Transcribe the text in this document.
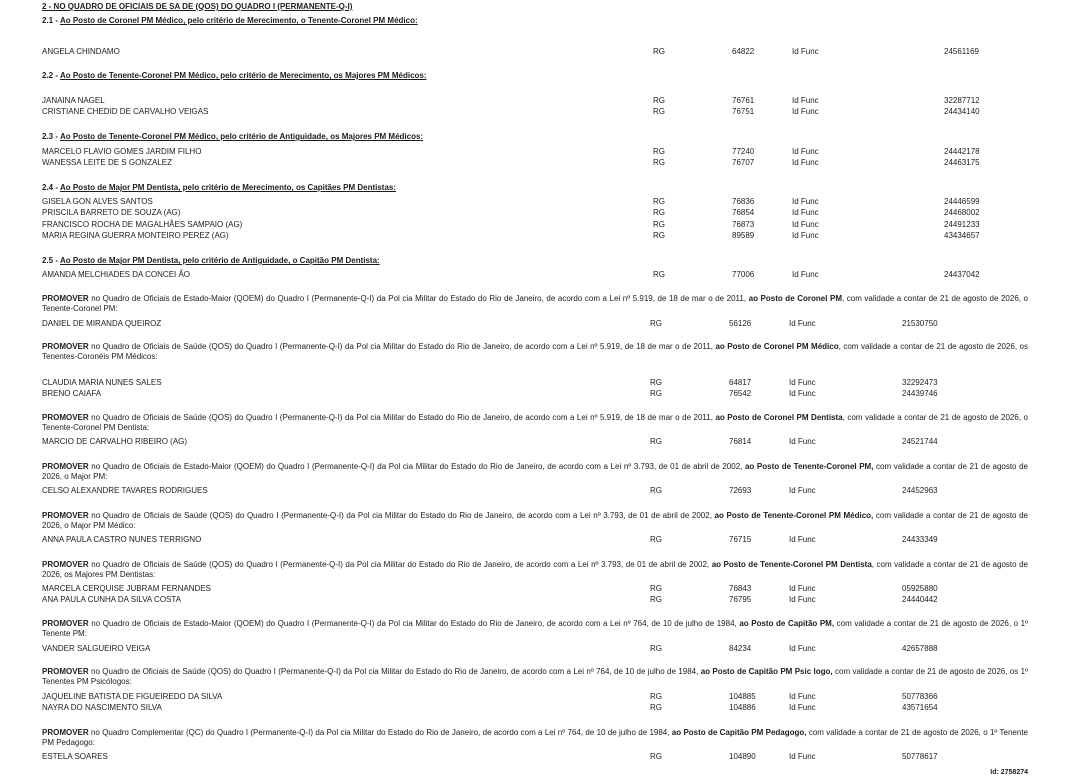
2 - NO QUADRO DE OFICIAIS DE SA DE (QOS) DO QUADRO I (PERMANENTE-Q-I)
2.1 - Ao Posto de Coronel PM Médico, pelo critério de Merecimento, o Tenente-Coronel PM Médico:
ANGELA CHINDAMO	RG	64822	Id Func	24561169
2.2 - Ao Posto de Tenente-Coronel PM Médico, pelo critério de Merecimento, os Majores PM Médicos:
JANAINA NAGEL	RG	76761	Id Func	32287712
CRISTIANE CHEDID DE CARVALHO VEIGAS	RG	76751	Id Func	24434140
2.3 - Ao Posto de Tenente-Coronel PM Médico, pelo critério de Antiguidade, os Majores PM Médicos:
MARCELO FLAVIO GOMES JARDIM FILHO	RG	77240	Id Func	24442178
WANESSA LEITE DE S GONZALEZ	RG	76707	Id Func	24463175
2.4 - Ao Posto de Major PM Dentista, pelo critério de Merecimento, os Capitães PM Dentistas:
GISELA GON ALVES SANTOS	RG	76836	Id Func	24446599
PRISCILA BARRETO DE SOUZA (AG)	RG	76854	Id Func	24468002
FRANCISCO ROCHA DE MAGALHÃES SAMPAIO (AG)	RG	76873	Id Func	24491233
MARIA REGINA GUERRA MONTEIRO PEREZ (AG)	RG	89589	Id Func	43434657
2.5 - Ao Posto de Major PM Dentista, pelo critério de Antiguidade, o Capitão PM Dentista:
AMANDA MELCHIADES DA CONCEI ÃO	RG	77006	Id Func	24437042
PROMOVER no Quadro de Oficiais de Estado-Maior (QOEM) do Quadro I (Permanente-Q-I) da Pol cia Militar do Estado do Rio de Janeiro, de acordo com a Lei nº 5.919, de 18 de mar o de 2011, ao Posto de Coronel PM, com validade a contar de 21 de agosto de 2026, o Tenente-Coronel PM:
DANIEL DE MIRANDA QUEIROZ	RG	56126	Id Func	21530750
PROMOVER no Quadro de Oficiais de Saúde (QOS) do Quadro I (Permanente-Q-I) da Pol cia Militar do Estado do Rio de Janeiro, de acordo com a Lei nº 5.919, de 18 de mar o de 2011, ao Posto de Coronel PM Médico, com validade a contar de 21 de agosto de 2026, os Tenentes-Coronéis PM Médicos:
CLAUDIA MARIA NUNES SALES	RG	64817	Id Func	32292473
BRENO CAIAFA	RG	76542	Id Func	24439746
PROMOVER no Quadro de Oficiais de Saúde (QOS) do Quadro I (Permanente-Q-I) da Pol cia Militar do Estado do Rio de Janeiro, de acordo com a Lei nº 5.919, de 18 de mar o de 2011, ao Posto de Coronel PM Dentista, com validade a contar de 21 de agosto de 2026, o Tenente-Coronel PM Dentista:
MARCIO DE CARVALHO RIBEIRO (AG)	RG	76814	Id Func	24521744
PROMOVER no Quadro de Oficiais de Estado-Maior (QOEM) do Quadro I (Permanente-Q-I) da Pol cia Militar do Estado do Rio de Janeiro, de acordo com a Lei nº 3.793, de 01 de abril de 2002, ao Posto de Tenente-Coronel PM, com validade a contar de 21 de agosto de 2026, o Major PM:
CELSO ALEXANDRE TAVARES RODRIGUES	RG	72693	Id Func	24452963
PROMOVER no Quadro de Oficiais de Saúde (QOS) do Quadro I (Permanente-Q-I) da Pol cia Militar do Estado do Rio de Janeiro, de acordo com a Lei nº 3.793, de 01 de abril de 2002, ao Posto de Tenente-Coronel PM Médico, com validade a contar de 21 de agosto de 2026, o Major PM Médico:
ANNA PAULA CASTRO NUNES TERRIGNO	RG	76715	Id Func	24433349
PROMOVER no Quadro de Oficiais de Saúde (QOS) do Quadro I (Permanente-Q-I) da Pol cia Militar do Estado do Rio de Janeiro, de acordo com a Lei nº 3.793, de 01 de abril de 2002, ao Posto de Tenente-Coronel PM Dentista, com validade a contar de 21 de agosto de 2026, os Majores PM Dentistas:
MARCELA CERQUISE JUBRAM FERNANDES	RG	76843	Id Func	05925880
ANA PAULA CUNHA DA SILVA COSTA	RG	76795	Id Func	24440442
PROMOVER no Quadro de Oficiais de Estado-Maior (QOEM) do Quadro I (Permanente-Q-I) da Pol cia Militar do Estado do Rio de Janeiro, de acordo com a Lei nº 764, de 10 de julho de 1984, ao Posto de Capitão PM, com validade a contar de 21 de agosto de 2026, o 1º Tenente PM:
VANDER SALGUEIRO VEIGA	RG	84234	Id Func	42657888
PROMOVER no Quadro de Oficiais de Saúde (QOS) do Quadro I (Permanente-Q-I) da Pol cia Militar do Estado do Rio de Janeiro, de acordo com a Lei nº 764, de 10 de julho de 1984, ao Posto de Capitão PM Psic logo, com validade a contar de 21 de agosto de 2026, os 1º Tenentes PM Psicólogos:
JAQUELINE BATISTA DE FIGUEIREDO DA SILVA	RG	104885	Id Func	50778366
NAYRA DO NASCIMENTO SILVA	RG	104886	Id Func	43571654
PROMOVER no Quadro Complementar (QC) do Quadro I (Permanente-Q-I) da Pol cia Militar do Estado do Rio de Janeiro, de acordo com a Lei nº 764, de 10 de julho de 1984, ao Posto de Capitão PM Pedagogo, com validade a contar de 21 de agosto de 2026, o 1º Tenente PM Pedagogo:
ESTELA SOARES	RG	104890	Id Func	50778617
Id: 2758274
